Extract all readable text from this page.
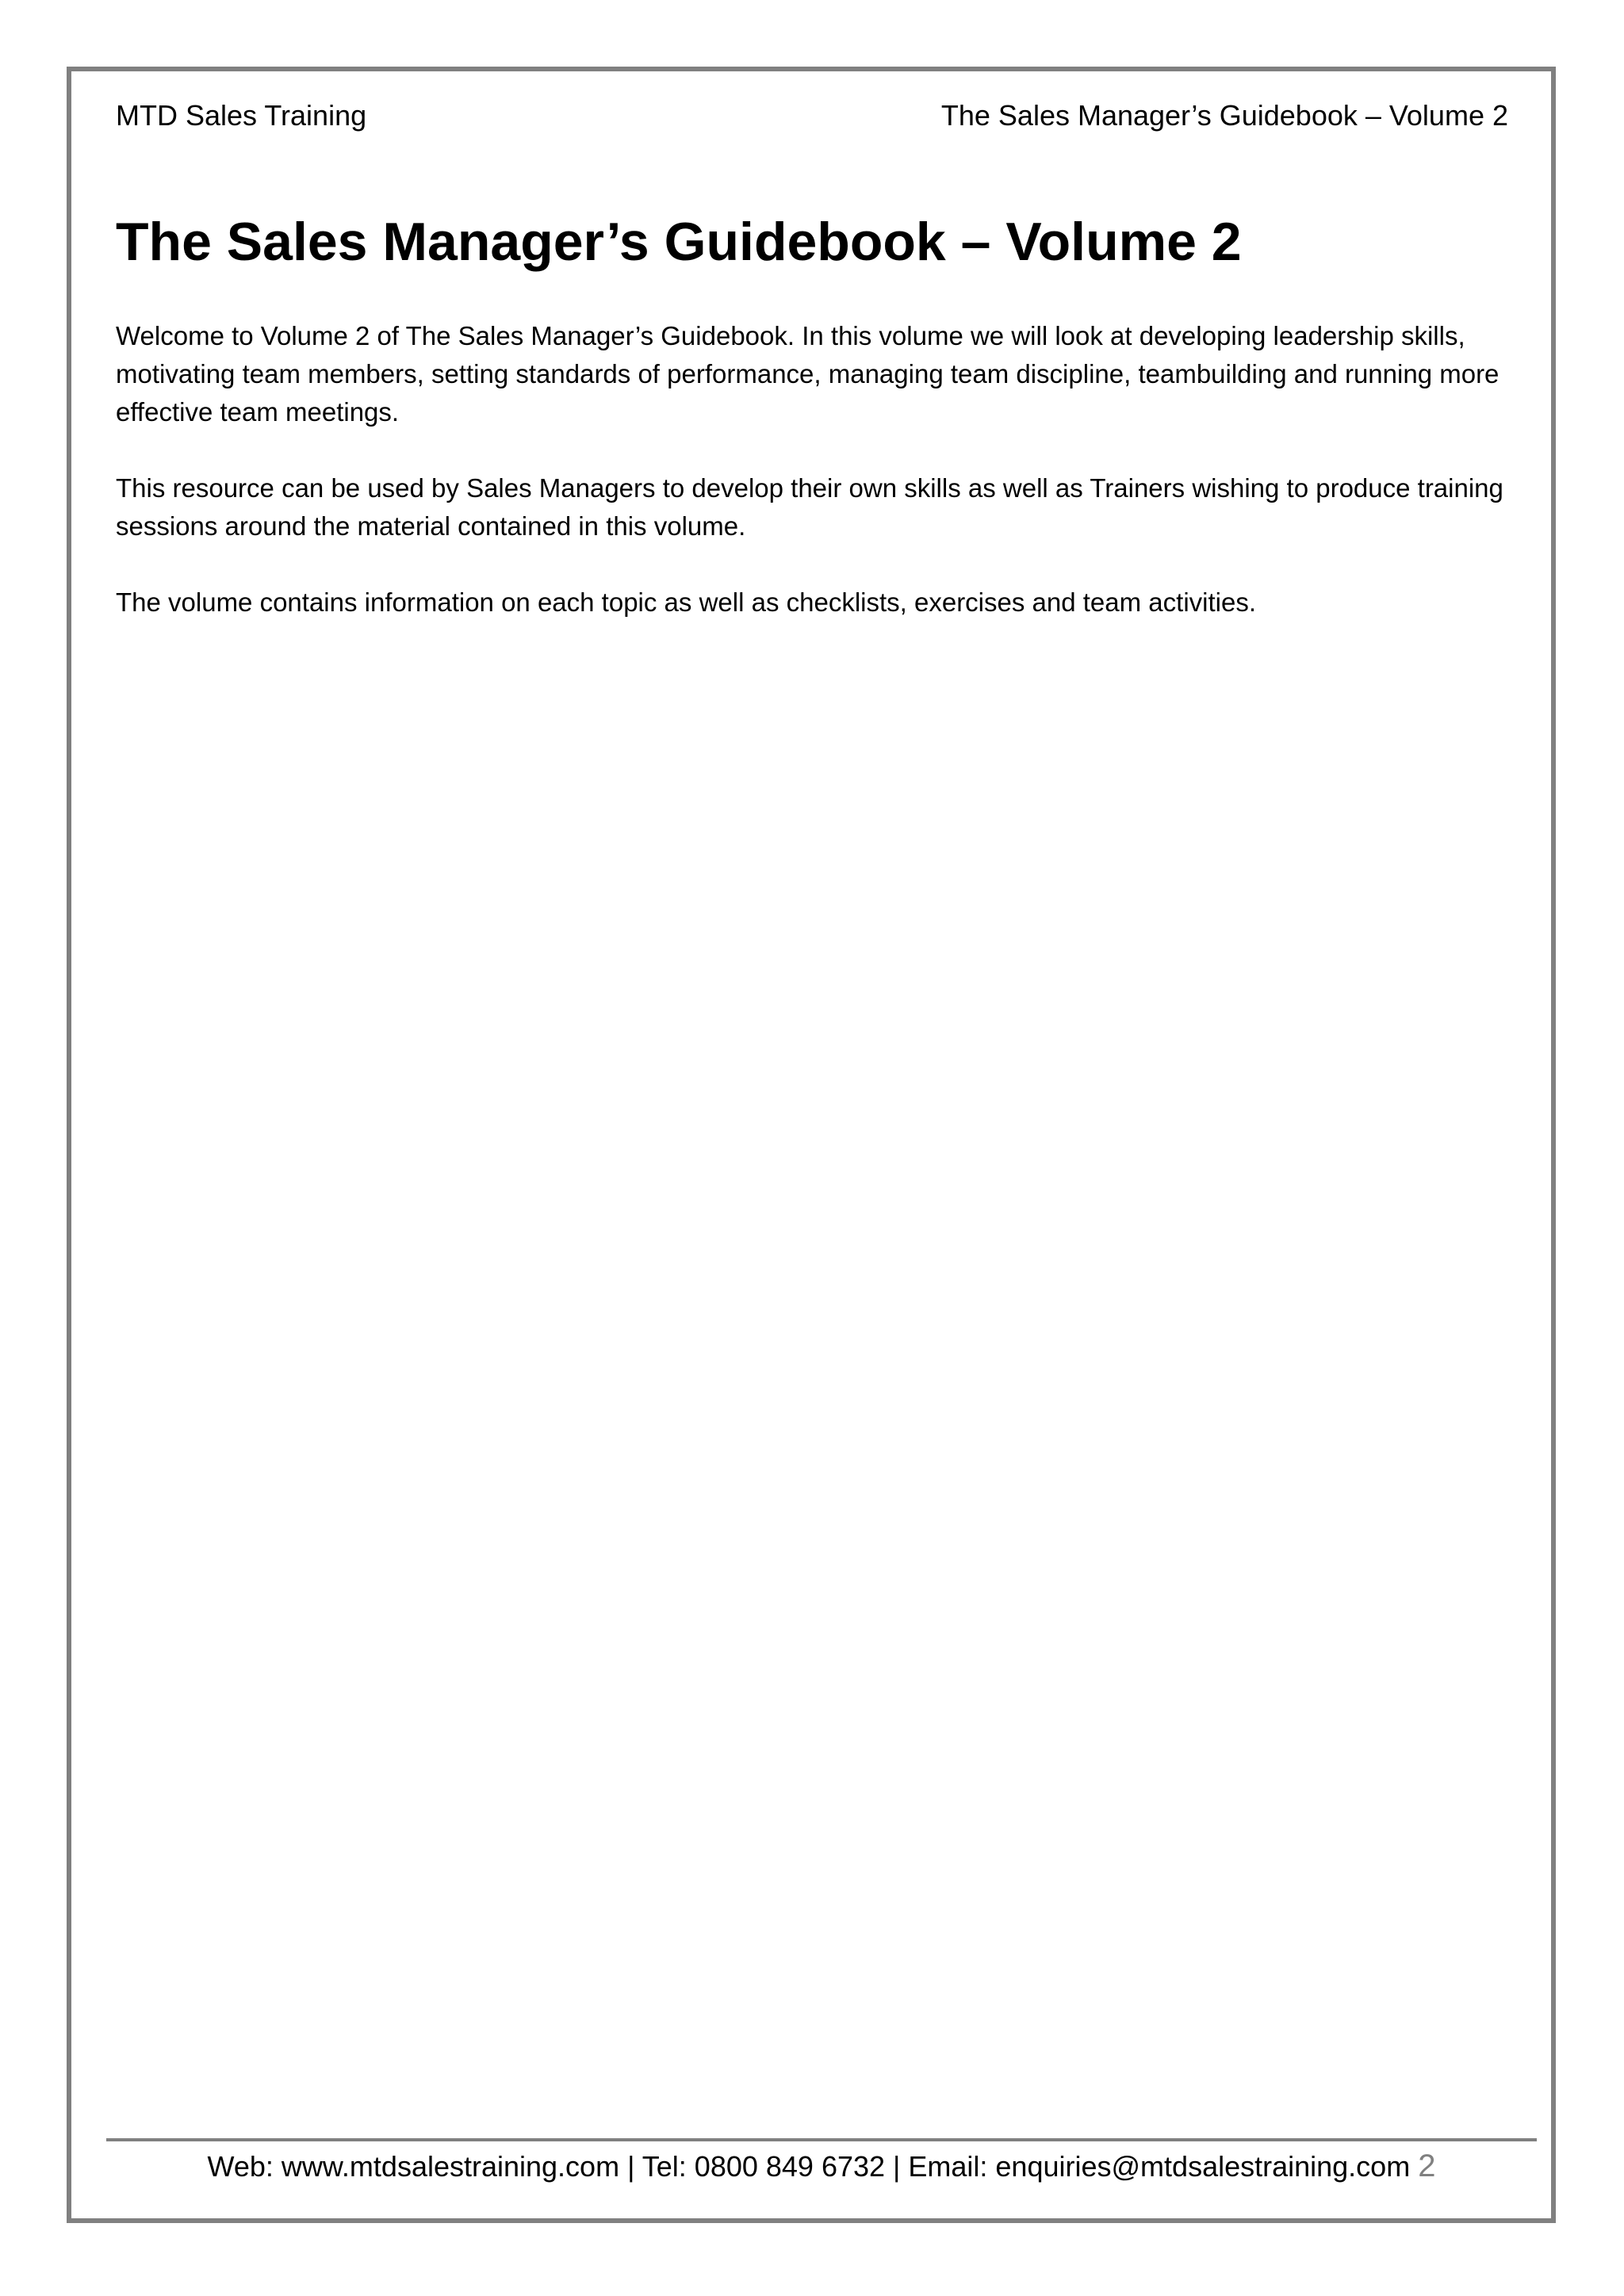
MTD Sales Training	The Sales Manager’s Guidebook – Volume 2
The Sales Manager’s Guidebook – Volume 2

Welcome to Volume 2 of The Sales Manager’s Guidebook. In this volume we will look at developing leadership skills, motivating team members, setting standards of performance, managing team discipline, teambuilding and running more effective team meetings.

This resource can be used by Sales Managers to develop their own skills as well as Trainers wishing to produce training sessions around the material contained in this volume.

The volume contains information on each topic as well as checklists, exercises and team activities.

Web: www.mtdsalestraining.com | Tel: 0800 849 6732 | Email: enquiries@mtdsalestraining.com 2
